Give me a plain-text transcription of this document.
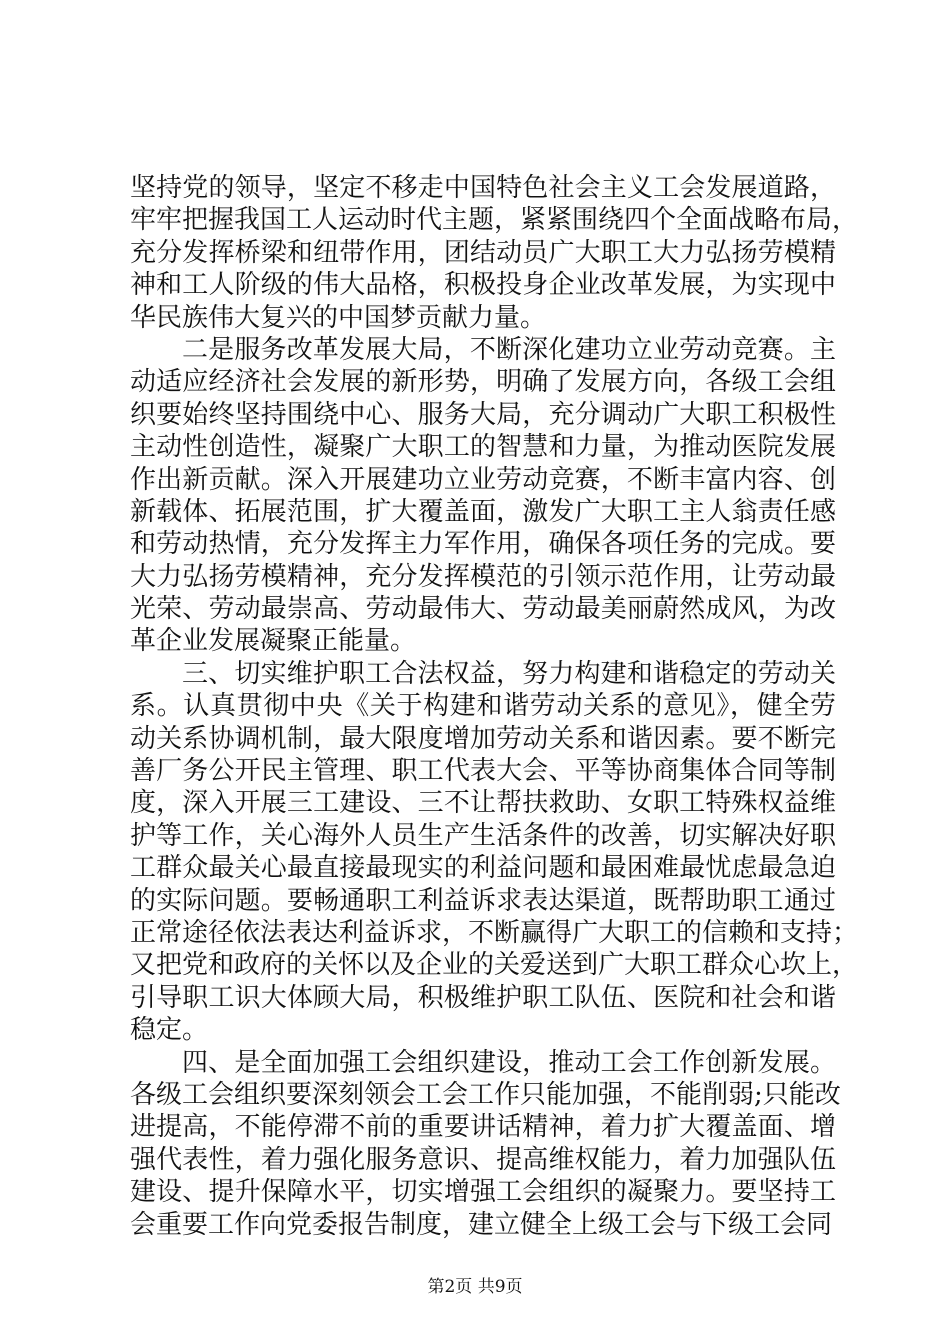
坚持党的领导，坚定不移走中国特色社会主义工会发展道路，
牢牢把握我国工人运动时代主题，紧紧围绕四个全面战略布局，
充分发挥桥梁和纽带作用，团结动员广大职工大力弘扬劳模精
神和工人阶级的伟大品格，积极投身企业改革发展，为实现中
华民族伟大复兴的中国梦贡献力量。
二是服务改革发展大局，不断深化建功立业劳动竞赛。主
动适应经济社会发展的新形势，明确了发展方向，各级工会组
织要始终坚持围绕中心、服务大局，充分调动广大职工积极性
主动性创造性，凝聚广大职工的智慧和力量，为推动医院发展
作出新贡献。深入开展建功立业劳动竞赛，不断丰富内容、创
新载体、拓展范围，扩大覆盖面，激发广大职工主人翁责任感
和劳动热情，充分发挥主力军作用，确保各项任务的完成。要
大力弘扬劳模精神，充分发挥模范的引领示范作用，让劳动最
光荣、劳动最崇高、劳动最伟大、劳动最美丽蔚然成风，为改
革企业发展凝聚正能量。
三、切实维护职工合法权益，努力构建和谐稳定的劳动关
系。认真贯彻中央《关于构建和谐劳动关系的意见》，健全劳
动关系协调机制，最大限度增加劳动关系和谐因素。要不断完
善厂务公开民主管理、职工代表大会、平等协商集体合同等制
度，深入开展三工建设、三不让帮扶救助、女职工特殊权益维
护等工作，关心海外人员生产生活条件的改善，切实解决好职
工群众最关心最直接最现实的利益问题和最困难最忧虑最急迫
的实际问题。要畅通职工利益诉求表达渠道，既帮助职工通过
正常途径依法表达利益诉求，不断赢得广大职工的信赖和支持；
又把党和政府的关怀以及企业的关爱送到广大职工群众心坎上，
引导职工识大体顾大局，积极维护职工队伍、医院和社会和谐
稳定。
四、是全面加强工会组织建设，推动工会工作创新发展。
各级工会组织要深刻领会工会工作只能加强，不能削弱;只能改
进提高，不能停滞不前的重要讲话精神，着力扩大覆盖面、增
强代表性，着力强化服务意识、提高维权能力，着力加强队伍
建设、提升保障水平，切实增强工会组织的凝聚力。要坚持工
会重要工作向党委报告制度，建立健全上级工会与下级工会同
第2页 共9页
